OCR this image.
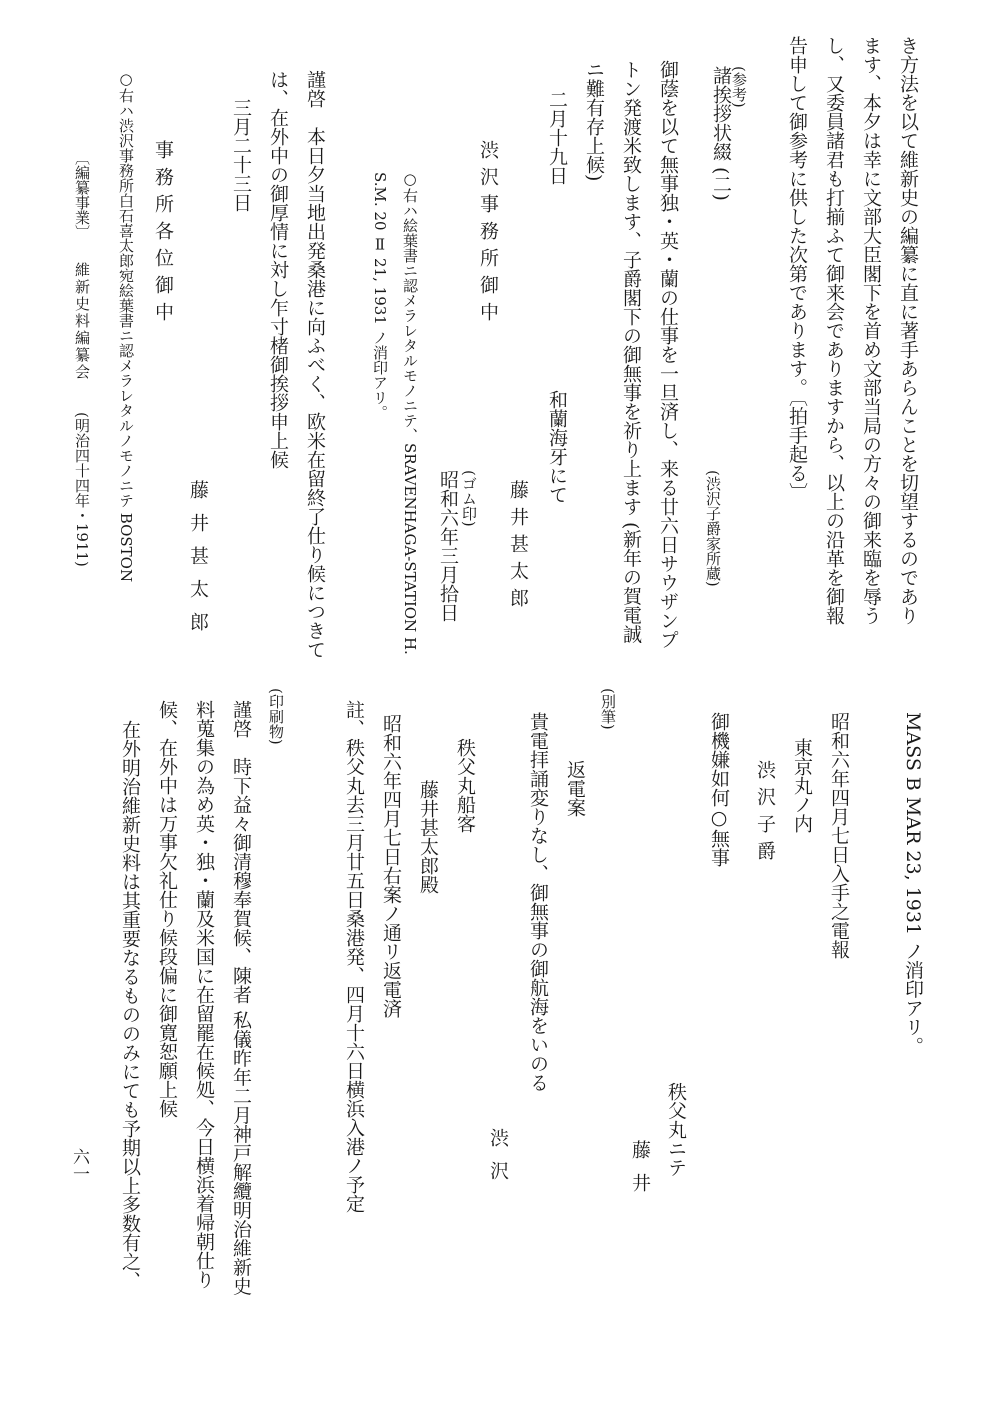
き方法を以て維新史の編纂に直に著手あらんことを切望するのであり
ます、本夕は幸に文部大臣閣下を首め文部当局の方々の御来臨を辱う
し、又委員諸君も打揃ふて御来会でありますから、以上の沿革を御報
告申して御参考に供した次第であります。〔拍手起る〕
(参考)
諸挨拶状綴 (二)
(渋沢子爵家所蔵)
御蔭を以て無事独・英・蘭の仕事を一旦済し、来る廿六日サウザンプ
トン発渡米致します、子爵閣下の御無事を祈り上ます (新年の賀電誠
ニ難有存上候)
二月十九日
和蘭海牙にて
藤井甚太郎
渋沢事務所御中
(ゴム印)
昭和六年三月拾日
○右ハ絵葉書ニ認メラレタルモノニテ、SRAVENHAGA-STATION H.
S.M. 20 Ⅱ 21, 1931 ノ消印アリ。
謹啓　本日夕当地出発桑港に向ふべく、欧米在留終了仕り候につきて
は、在外中の御厚情に対し乍寸楮御挨拶申上候
三月二十三日
藤井甚太郎
事務所各位御中
○右ハ渋沢事務所白石喜太郎宛絵葉書ニ認メラレタルノモノニテ BOSTON
〔編纂事業〕
維新史料編纂会
(明治四十四年・1911)
MASS B MAR 23, 1931 ノ消印アリ。
昭和六年四月七日入手之電報
東京丸ノ内
渋沢子爵
御機嫌如何○無事
秩父丸ニテ
藤井
(別筆)
返電案
貴電拝誦変りなし、御無事の御航海をいのる
渋沢
秩父丸船客
藤井甚太郎殿
昭和六年四月七日右案ノ通リ返電済
註、秩父丸去三月廿五日桑港発、四月十六日横浜入港ノ予定
(印刷物)
謹啓　時下益々御清穆奉賀候、陳者 私儀昨年二月神戸解纜明治維新史
料蒐集の為め英・独・蘭及米国に在留罷在候処、今日横浜着帰朝仕り
候、在外中は万事欠礼仕り候段偏に御寛恕願上候
在外明治維新史料は其重要なるもののみにても予期以上多数有之、
六一
